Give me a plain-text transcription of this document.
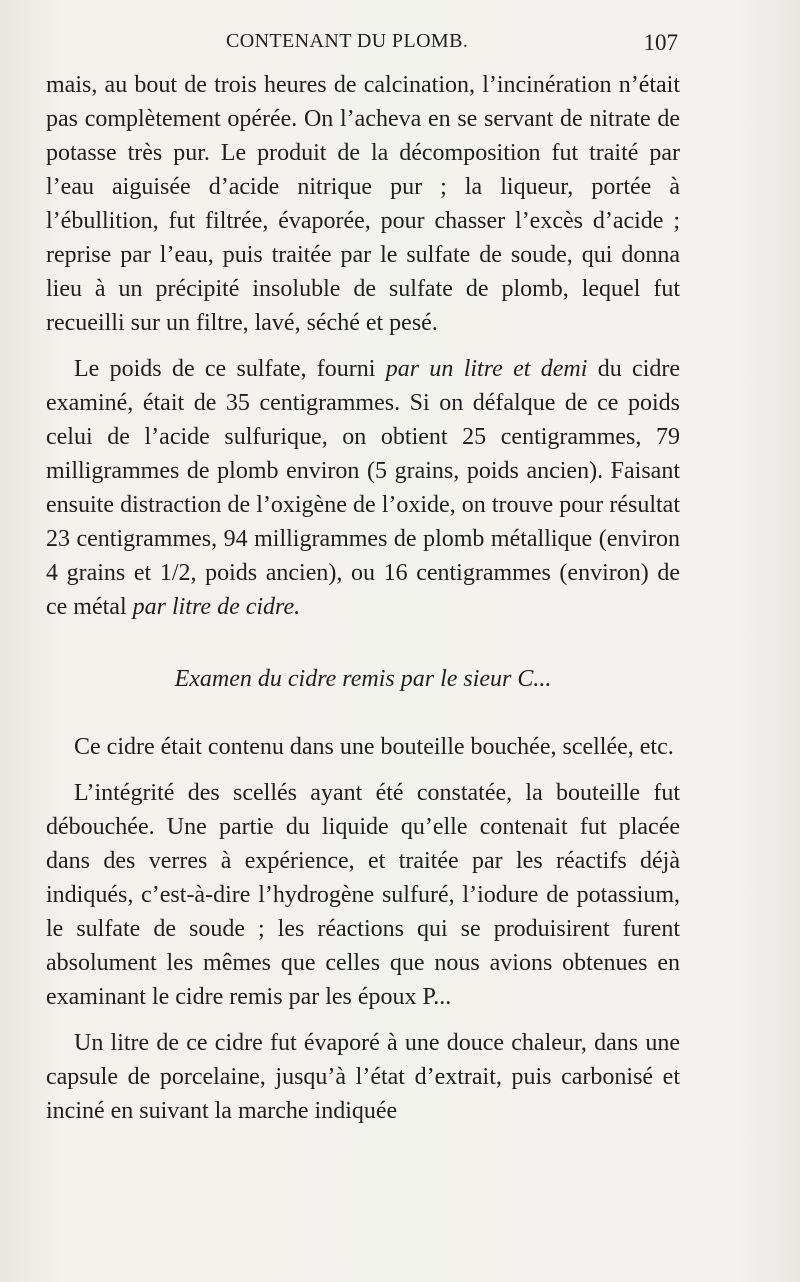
CONTENANT DU PLOMB.	107

mais, au bout de trois heures de calcination, l’incinération n’était pas complètement opérée. On l’acheva en se servant de nitrate de potasse très pur. Le produit de la décomposition fut traité par l’eau aiguisée d’acide nitrique pur ; la liqueur, portée à l’ébullition, fut filtrée, évaporée, pour chasser l’excès d’acide ; reprise par l’eau, puis traitée par le sulfate de soude, qui donna lieu à un précipité insoluble de sulfate de plomb, lequel fut recueilli sur un filtre, lavé, séché et pesé.

Le poids de ce sulfate, fourni par un litre et demi du cidre examiné, était de 35 centigrammes. Si on défalque de ce poids celui de l’acide sulfurique, on obtient 25 centigrammes, 79 milligrammes de plomb environ (5 grains, poids ancien). Faisant ensuite distraction de l’oxigène de l’oxide, on trouve pour résultat 23 centigrammes, 94 milligrammes de plomb métallique (environ 4 grains et 1/2, poids ancien), ou 16 centigrammes (environ) de ce métal par litre de cidre.

Examen du cidre remis par le sieur C...

Ce cidre était contenu dans une bouteille bouchée, scellée, etc.

L’intégrité des scellés ayant été constatée, la bouteille fut débouchée. Une partie du liquide qu’elle contenait fut placée dans des verres à expérience, et traitée par les réactifs déjà indiqués, c’est-à-dire l’hydrogène sulfuré, l’iodure de potassium, le sulfate de soude ; les réactions qui se produisirent furent absolument les mêmes que celles que nous avions obtenues en examinant le cidre remis par les époux P...

Un litre de ce cidre fut évaporé à une douce chaleur, dans une capsule de porcelaine, jusqu’à l’état d’extrait, puis carbonisé et inciné en suivant la marche indiquée
